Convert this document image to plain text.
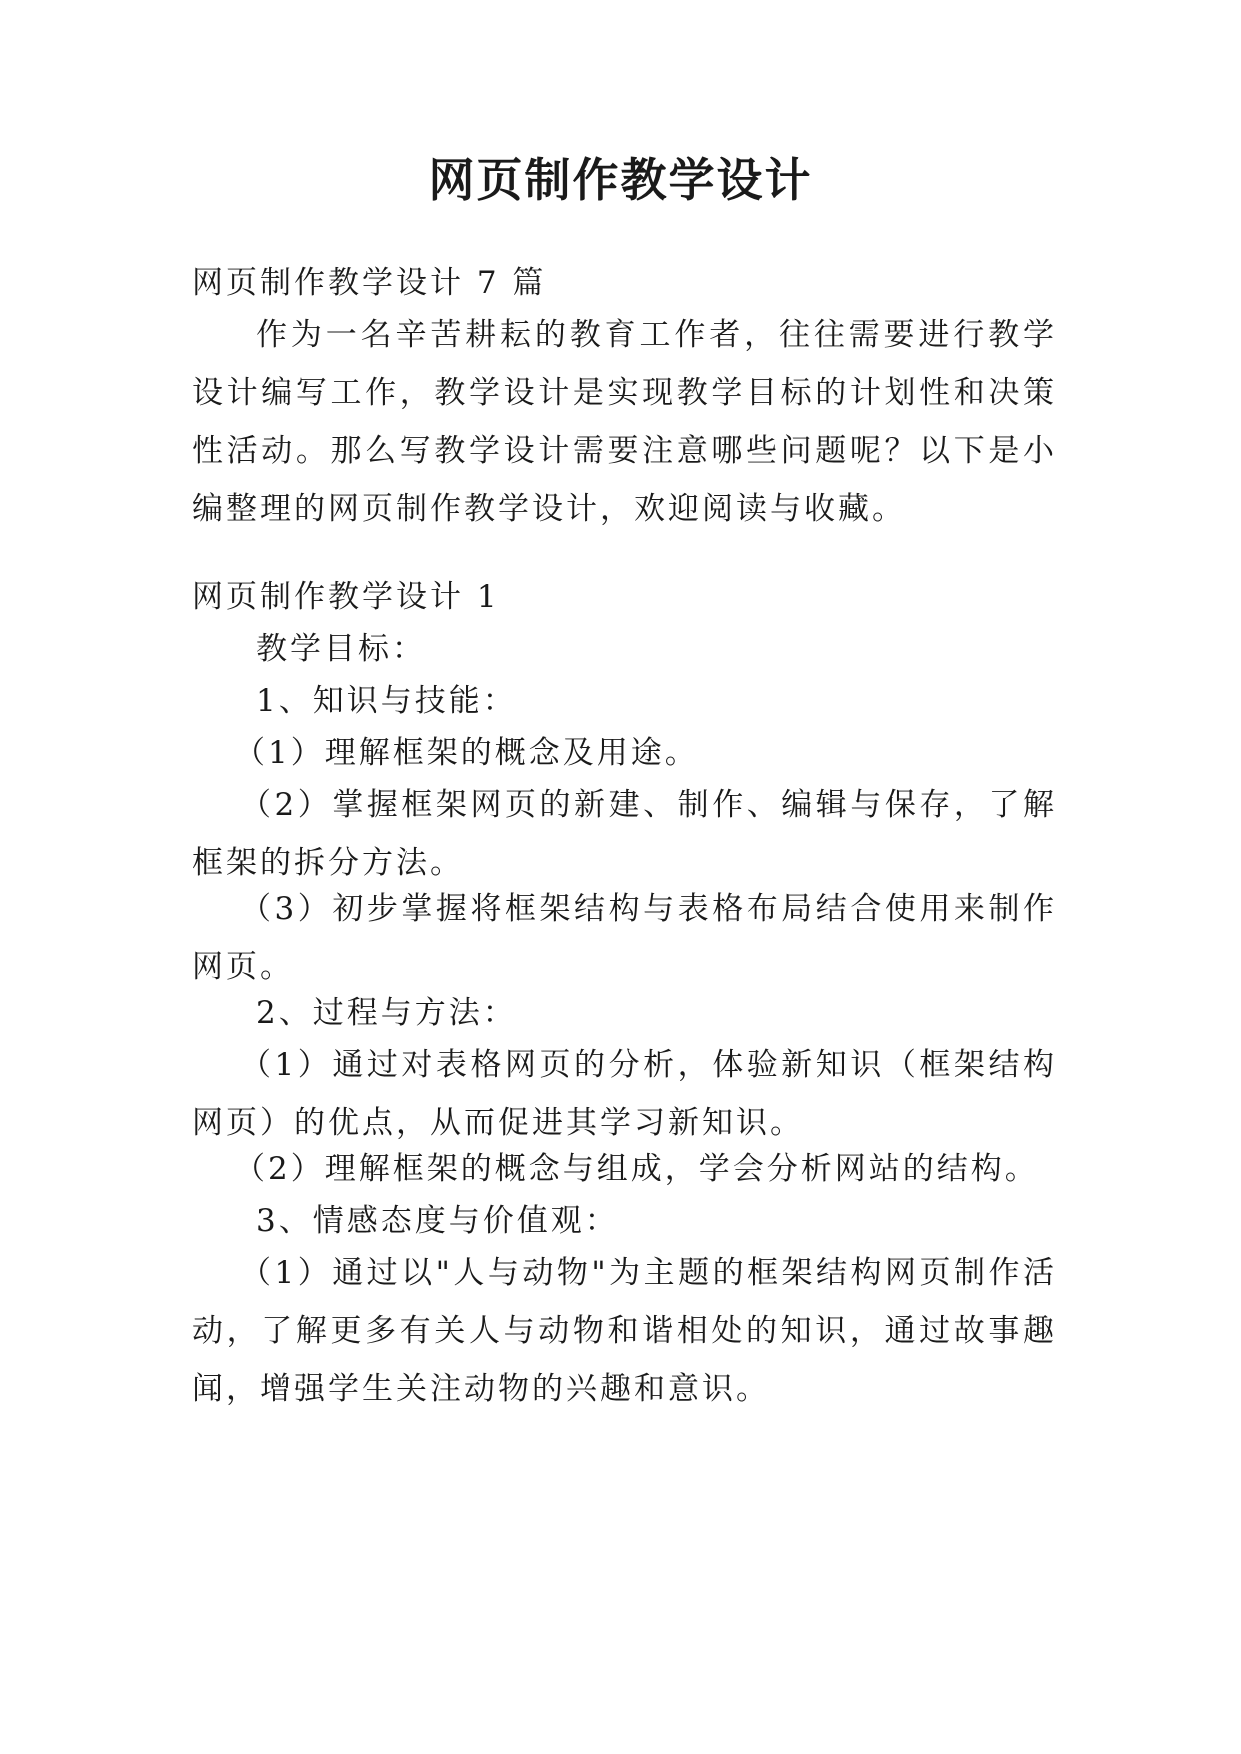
网页制作教学设计

网页制作教学设计 7 篇

作为一名辛苦耕耘的教育工作者，往往需要进行教学设计编写工作，教学设计是实现教学目标的计划性和决策性活动。那么写教学设计需要注意哪些问题呢？以下是小编整理的网页制作教学设计，欢迎阅读与收藏。

网页制作教学设计 1

教学目标：

1、知识与技能：

（1）理解框架的概念及用途。

（2）掌握框架网页的新建、制作、编辑与保存，了解框架的拆分方法。

（3）初步掌握将框架结构与表格布局结合使用来制作网页。

2、过程与方法：

（1）通过对表格网页的分析，体验新知识（框架结构网页）的优点，从而促进其学习新知识。

（2）理解框架的概念与组成，学会分析网站的结构。

3、情感态度与价值观：

（1）通过以"人与动物"为主题的框架结构网页制作活动，了解更多有关人与动物和谐相处的知识，通过故事趣闻，增强学生关注动物的兴趣和意识。
